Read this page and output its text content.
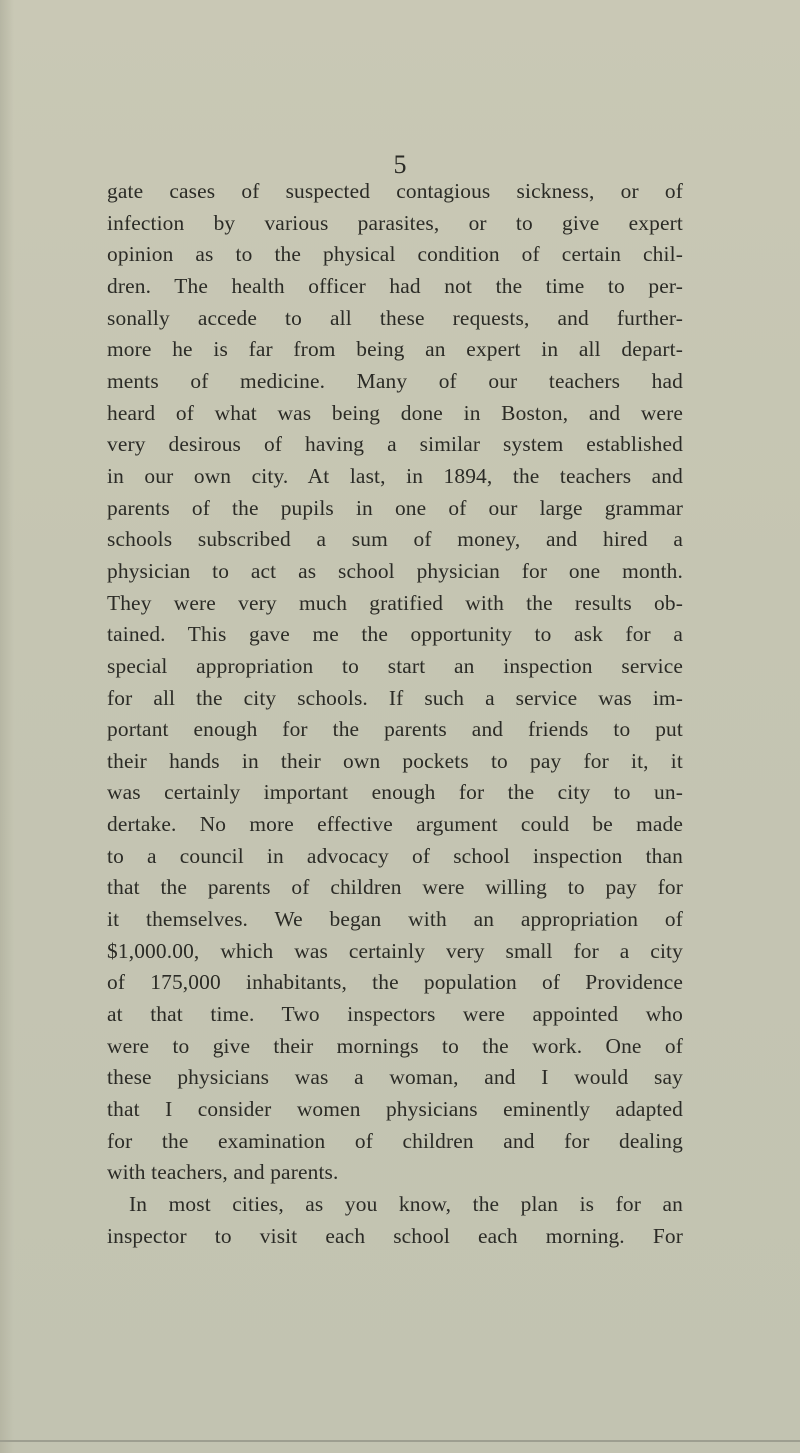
5
gate cases of suspected contagious sickness, or of
infection by various parasites, or to give expert
opinion as to the physical condition of certain chil-
dren. The health officer had not the time to per-
sonally accede to all these requests, and further-
more he is far from being an expert in all depart-
ments of medicine. Many of our teachers had
heard of what was being done in Boston, and were
very desirous of having a similar system established
in our own city. At last, in 1894, the teachers and
parents of the pupils in one of our large grammar
schools subscribed a sum of money, and hired a
physician to act as school physician for one month.
They were very much gratified with the results ob-
tained. This gave me the opportunity to ask for a
special appropriation to start an inspection service
for all the city schools. If such a service was im-
portant enough for the parents and friends to put
their hands in their own pockets to pay for it, it
was certainly important enough for the city to un-
dertake. No more effective argument could be made
to a council in advocacy of school inspection than
that the parents of children were willing to pay for
it themselves. We began with an appropriation of
$1,000.00, which was certainly very small for a city
of 175,000 inhabitants, the population of Providence
at that time. Two inspectors were appointed who
were to give their mornings to the work. One of
these physicians was a woman, and I would say
that I consider women physicians eminently adapted
for the examination of children and for dealing
with teachers, and parents.
In most cities, as you know, the plan is for an
inspector to visit each school each morning. For
